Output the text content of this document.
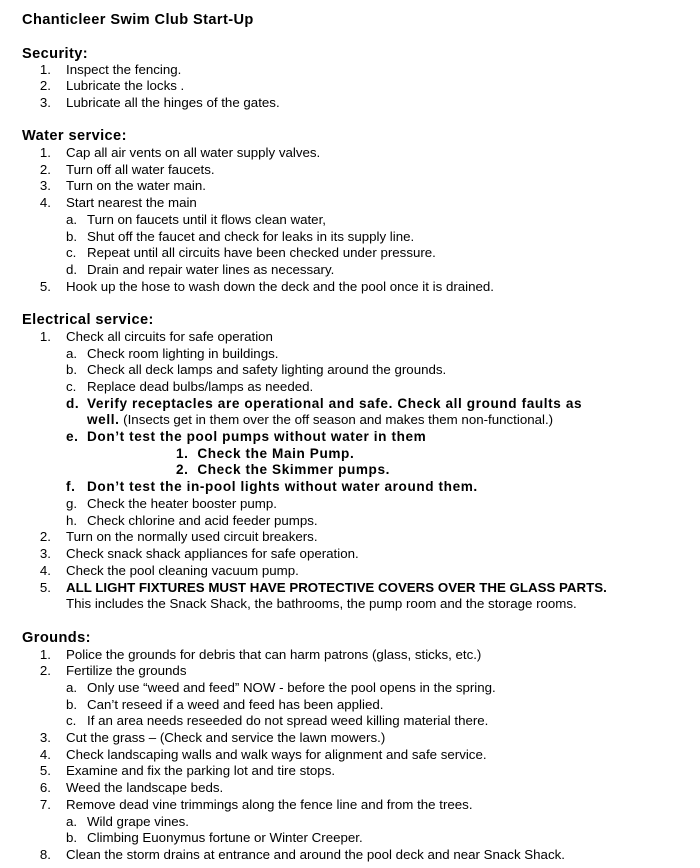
Chanticleer Swim Club Start-Up
Security:
1. Inspect the fencing.
2. Lubricate the locks .
3. Lubricate all the hinges of the gates.
Water service:
1. Cap all air vents on all water supply valves.
2. Turn off all water faucets.
3. Turn on the water main.
4. Start nearest the main
a. Turn on faucets until it flows clean water,
b. Shut off the faucet and check for leaks in its supply line.
c. Repeat until all circuits have been checked under pressure.
d. Drain and repair water lines as necessary.
5. Hook up the hose to wash down the deck and the pool once it is drained.
Electrical service:
1. Check all circuits for safe operation
a. Check room lighting in buildings.
b. Check all deck lamps and safety lighting around the grounds.
c. Replace dead bulbs/lamps as needed.
d. Verify receptacles are operational and safe. Check all ground faults as
well. (Insects get in them over the off season and makes them non-functional.)
e. Don’t test the pool pumps without water in them
1. Check the Main Pump.
2. Check the Skimmer pumps.
f. Don’t test the in-pool lights without water around them.
g. Check the heater booster pump.
h. Check chlorine and acid feeder pumps.
2. Turn on the normally used circuit breakers.
3. Check snack shack appliances for safe operation.
4. Check the pool cleaning vacuum pump.
5. ALL LIGHT FIXTURES MUST HAVE PROTECTIVE COVERS OVER THE GLASS PARTS.
This includes the Snack Shack, the bathrooms, the pump room and the storage rooms.
Grounds:
1. Police the grounds for debris that can harm patrons (glass, sticks, etc.)
2. Fertilize the grounds
a. Only use “weed and feed” NOW - before the pool opens in the spring.
b. Can’t reseed if a weed and feed has been applied.
c. If an area needs reseeded do not spread weed killing material there.
3. Cut the grass – (Check and service the lawn mowers.)
4. Check landscaping walls and walk ways for alignment and safe service.
5. Examine and fix the parking lot and tire stops.
6. Weed the landscape beds.
7. Remove dead vine trimmings along the fence line and from the trees.
a. Wild grape vines.
b. Climbing Euonymus fortune or Winter Creeper.
8. Clean the storm drains at entrance and around the pool deck and near Snack Shack.
